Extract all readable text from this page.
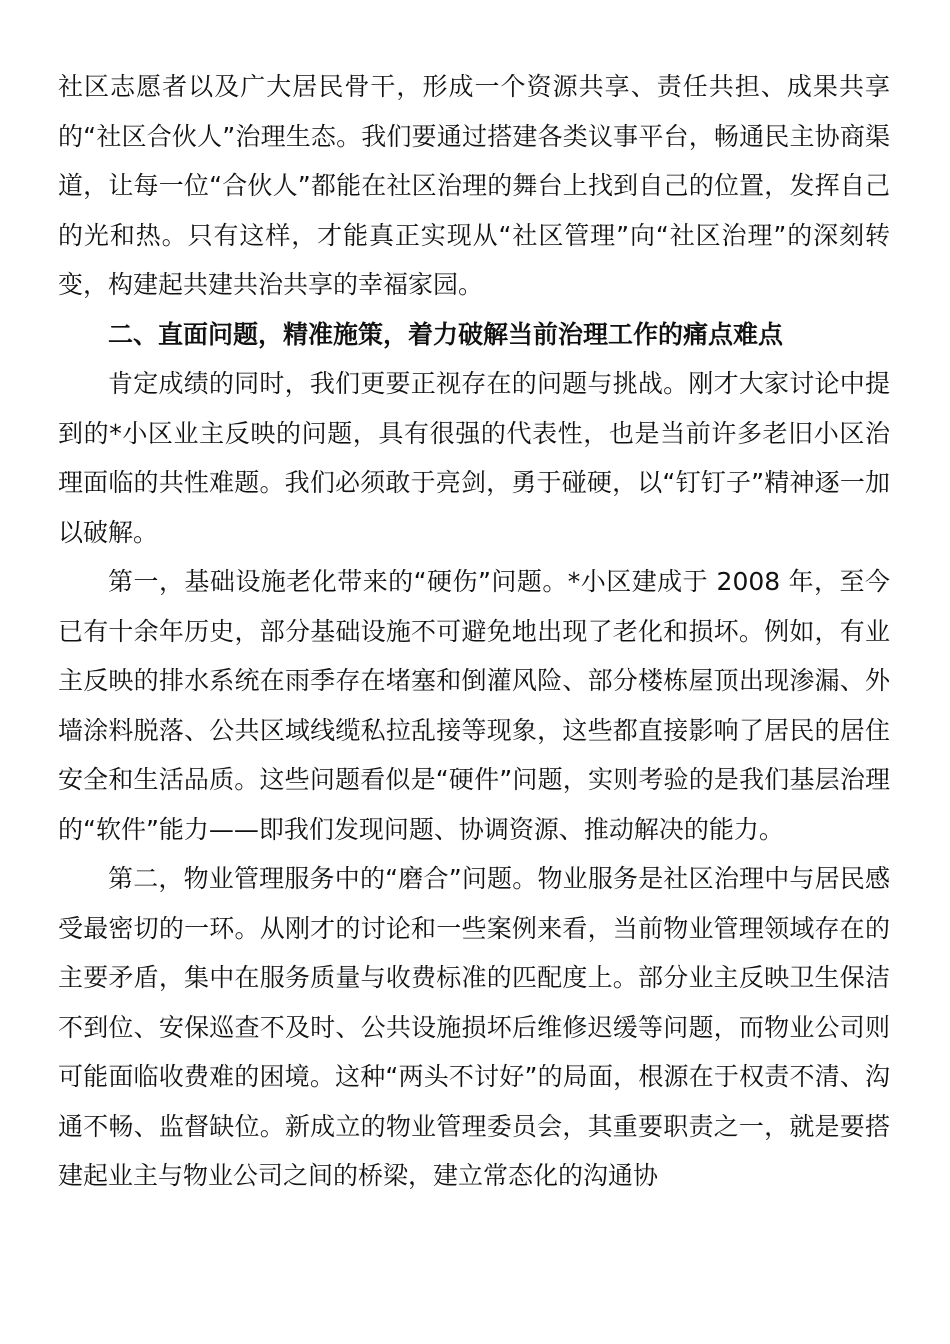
社区志愿者以及广大居民骨干，形成一个资源共享、责任共担、成果共享的“社区合伙人”治理生态。我们要通过搭建各类议事平台，畅通民主协商渠道，让每一位“合伙人”都能在社区治理的舞台上找到自己的位置，发挥自己的光和热。只有这样，才能真正实现从“社区管理”向“社区治理”的深刻转变，构建起共建共治共享的幸福家园。

二、直面问题，精准施策，着力破解当前治理工作的痛点难点

肯定成绩的同时，我们更要正视存在的问题与挑战。刚才大家讨论中提到的*小区业主反映的问题，具有很强的代表性，也是当前许多老旧小区治理面临的共性难题。我们必须敢于亮剑，勇于碰硬，以“钉钉子”精神逐一加以破解。

第一，基础设施老化带来的“硬伤”问题。*小区建成于 2008 年，至今已有十余年历史，部分基础设施不可避免地出现了老化和损坏。例如，有业主反映的排水系统在雨季存在堵塞和倒灌风险、部分楼栋屋顶出现渗漏、外墙涂料脱落、公共区域线缆私拉乱接等现象，这些都直接影响了居民的居住安全和生活品质。这些问题看似是“硬件”问题，实则考验的是我们基层治理的“软件”能力——即我们发现问题、协调资源、推动解决的能力。

第二，物业管理服务中的“磨合”问题。物业服务是社区治理中与居民感受最密切的一环。从刚才的讨论和一些案例来看，当前物业管理领域存在的主要矛盾，集中在服务质量与收费标准的匹配度上。部分业主反映卫生保洁不到位、安保巡查不及时、公共设施损坏后维修迟缓等问题，而物业公司则可能面临收费难的困境。这种“两头不讨好”的局面，根源在于权责不清、沟通不畅、监督缺位。新成立的物业管理委员会，其重要职责之一，就是要搭建起业主与物业公司之间的桥梁，建立常态化的沟通协
